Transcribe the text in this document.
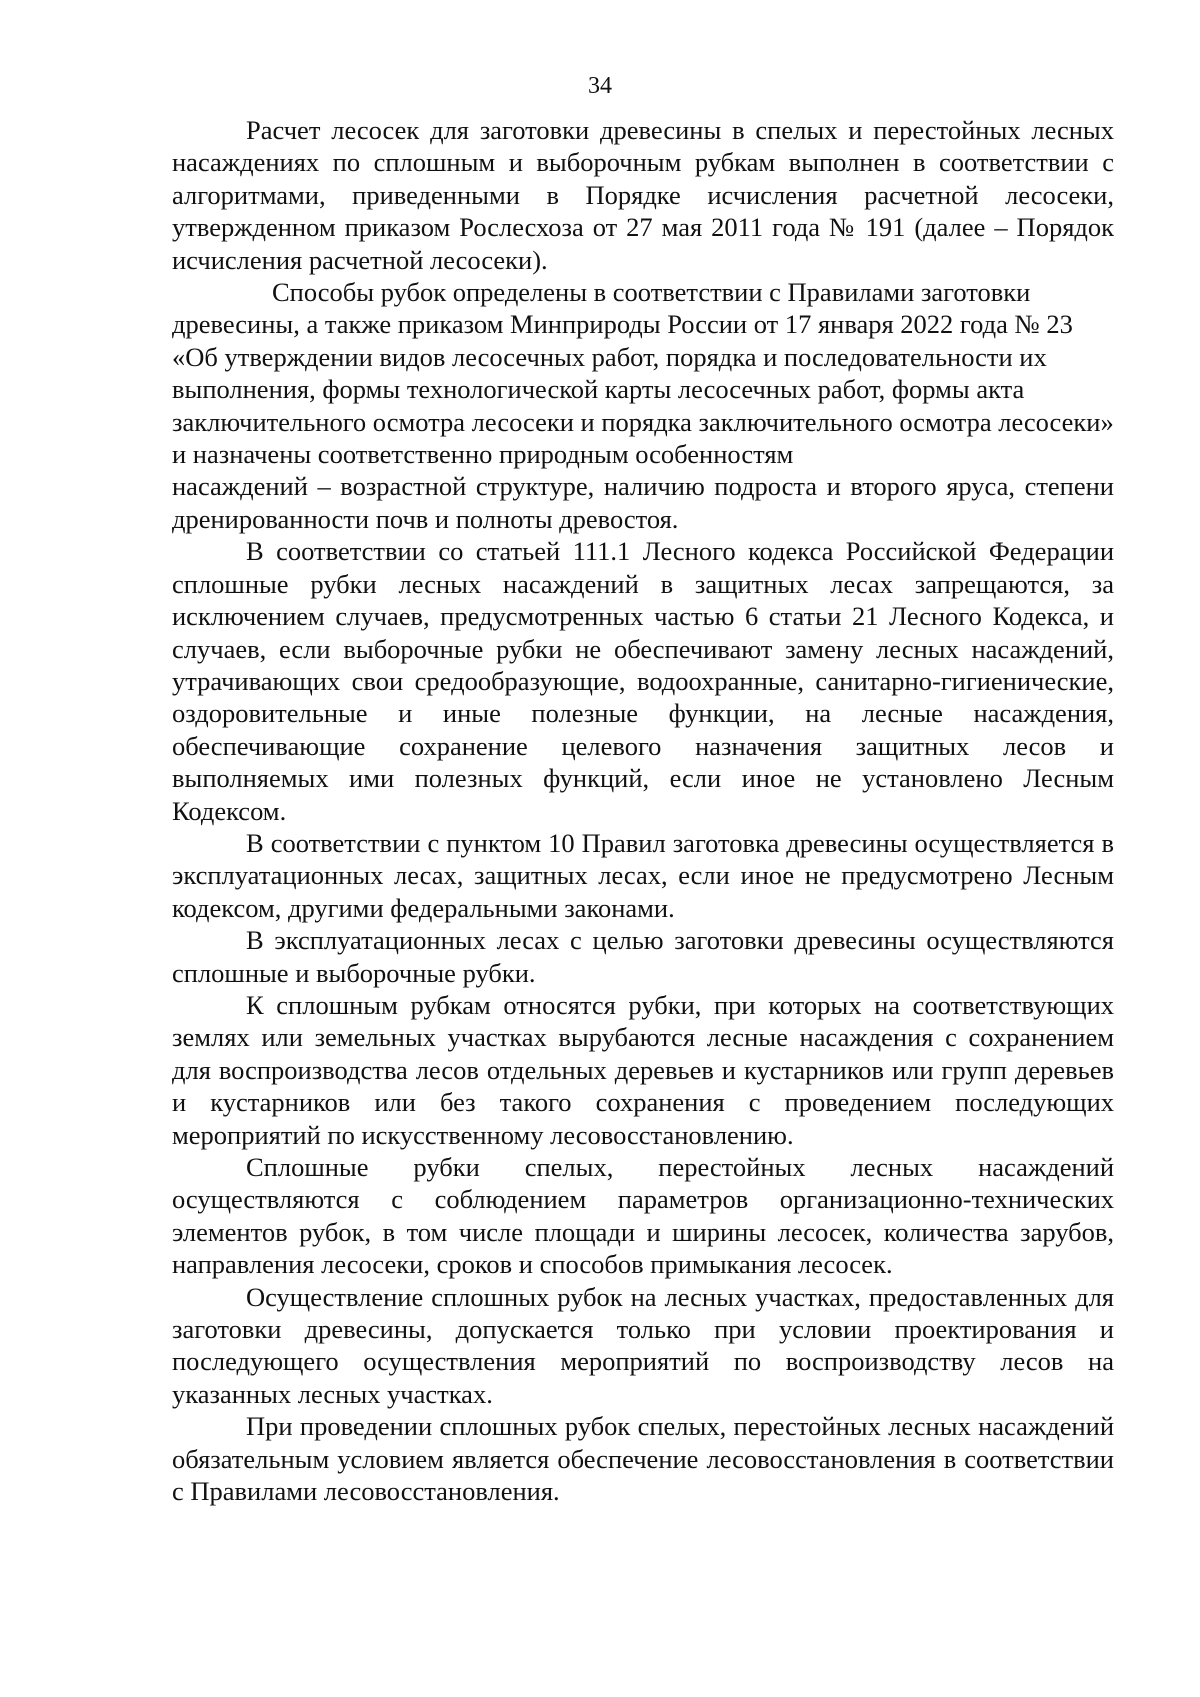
34

Расчет лесосек для заготовки древесины в спелых и перестойных лесных насаждениях по сплошным и выборочным рубкам выполнен в соответствии с алгоритмами, приведенными в Порядке исчисления расчетной лесосеки, утвержденном приказом Рослесхоза от 27 мая 2011 года № 191 (далее – Порядок исчисления расчетной лесосеки).

Способы рубок определены в соответствии с Правилами заготовки древесины, а также приказом Минприроды России от 17 января 2022 года № 23 «Об утверждении видов лесосечных работ, порядка и последовательности их выполнения, формы технологической карты лесосечных работ, формы акта заключительного осмотра лесосеки и порядка заключительного осмотра лесосеки» и назначены соответственно природным особенностям

насаждений – возрастной структуре, наличию подроста и второго яруса, степени дренированности почв и полноты древостоя.

В соответствии со статьей 111.1 Лесного кодекса Российской Федерации сплошные рубки лесных насаждений в защитных лесах запрещаются, за исключением случаев, предусмотренных частью 6 статьи 21 Лесного Кодекса, и случаев, если выборочные рубки не обеспечивают замену лесных насаждений, утрачивающих свои средообразующие, водоохранные, санитарно-гигиенические, оздоровительные и иные полезные функции, на лесные насаждения, обеспечивающие сохранение целевого назначения защитных лесов и выполняемых ими полезных функций, если иное не установлено Лесным Кодексом.

В соответствии с пунктом 10 Правил заготовка древесины осуществляется в эксплуатационных лесах, защитных лесах, если иное не предусмотрено Лесным кодексом, другими федеральными законами.

В эксплуатационных лесах с целью заготовки древесины осуществляются сплошные и выборочные рубки.

К сплошным рубкам относятся рубки, при которых на соответствующих землях или земельных участках вырубаются лесные насаждения с сохранением для воспроизводства лесов отдельных деревьев и кустарников или групп деревьев и кустарников или без такого сохранения с проведением последующих мероприятий по искусственному лесовосстановлению.

Сплошные рубки спелых, перестойных лесных насаждений осуществляются с соблюдением параметров организационно-технических элементов рубок, в том числе площади и ширины лесосек, количества зарубов, направления лесосеки, сроков и способов примыкания лесосек.

Осуществление сплошных рубок на лесных участках, предоставленных для заготовки древесины, допускается только при условии проектирования и последующего осуществления мероприятий по воспроизводству лесов на указанных лесных участках.

При проведении сплошных рубок спелых, перестойных лесных насаждений обязательным условием является обеспечение лесовосстановления в соответствии с Правилами лесовосстановления.
